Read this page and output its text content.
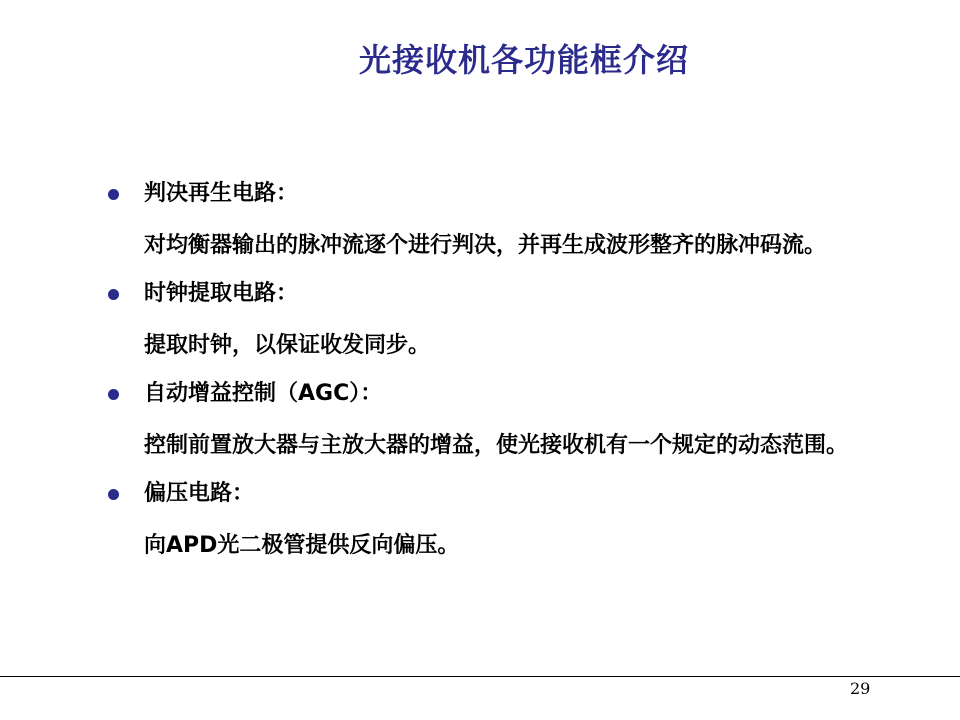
光接收机各功能框介绍
判决再生电路：
对均衡器输出的脉冲流逐个进行判决，并再生成波形整齐的脉冲码流。
时钟提取电路：
提取时钟，以保证收发同步。
自动增益控制（AGC）：
控制前置放大器与主放大器的增益，使光接收机有一个规定的动态范围。
偏压电路：
向APD光二极管提供反向偏压。
29
